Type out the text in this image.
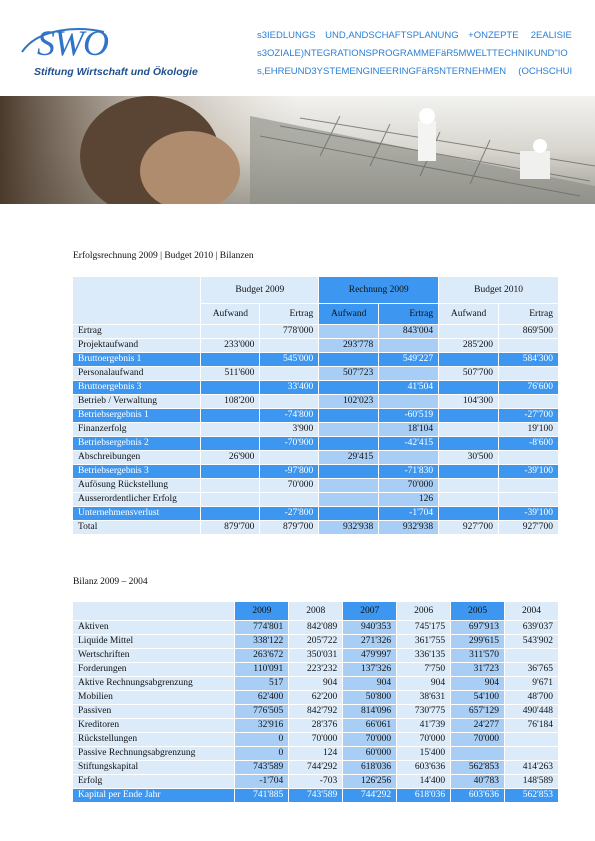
SWO
Stiftung Wirtschaft und Ökologie
s3IEDLUNGS UND,ANDSCHAFTSPLANUNG +ONZEPTE  2EALISIE
s3OZIALE)NTEGRATIONSPROGRAMMEFäR5MWELTTECHNIKUND"IO
s,EHREUND3YSTEMENGINEERINGFäR5NTERNEHMEN  (OCHSCHUI
Erfolgsrechnung 2009 | Budget 2010 | Bilanzen
	Budget 2009		Rechnung 2009		Budget 2010	
	Aufwand	Ertrag	Aufwand	Ertrag	Aufwand	Ertrag
Ertrag		778'000		843'004		869'500
Projektaufwand	233'000		293'778		285'200	
Bruttoergebnis 1		545'000		549'227		584'300
Personalaufwand	511'600		507'723		507'700	
Bruttoergebnis 3		33'400		41'504		76'600
Betrieb / Verwaltung	108'200		102'023		104'300	
Betriebsergebnis 1		-74'800		-60'519		-27'700
Finanzerfolg		3'900		18'104		19'100
Betriebsergebnis 2		-70'900		-42'415		-8'600
Abschreibungen	26'900		29'415		30'500	
Betriebsergebnis 3		-97'800		-71'830		-39'100
Aufösung Rückstellung		70'000		70'000		
Ausserordentlicher Erfolg				126		
Unternehmensverlust		-27'800		-1'704		-39'100
Total	879'700	879'700	932'938	932'938	927'700	927'700
Bilanz 2009 – 2004
	2009	2008	2007	2006	2005	2004
Aktiven	774'801	842'089	940'353	745'175	697'913	639'037
Liquide Mittel	338'122	205'722	271'326	361'755	299'615	543'902
Wertschriften	263'672	350'031	479'997	336'135	311'570	
Forderungen	110'091	223'232	137'326	7'750	31'723	36'765
Aktive Rechnungsabgrenzung	517	904	904	904	904	9'671
Mobilien	62'400	62'200	50'800	38'631	54'100	48'700
Passiven	776'505	842'792	814'096	730'775	657'129	490'448
Kreditoren	32'916	28'376	66'061	41'739	24'277	76'184
Rückstellungen	0	70'000	70'000	70'000	70'000	
Passive Rechnungsabgrenzung	0	124	60'000	15'400		
Stiftungskapital	743'589	744'292	618'036	603'636	562'853	414'263
Erfolg	-1'704	-703	126'256	14'400	40'783	148'589
Kapital per Ende Jahr	741'885	743'589	744'292	618'036	603'636	562'853
